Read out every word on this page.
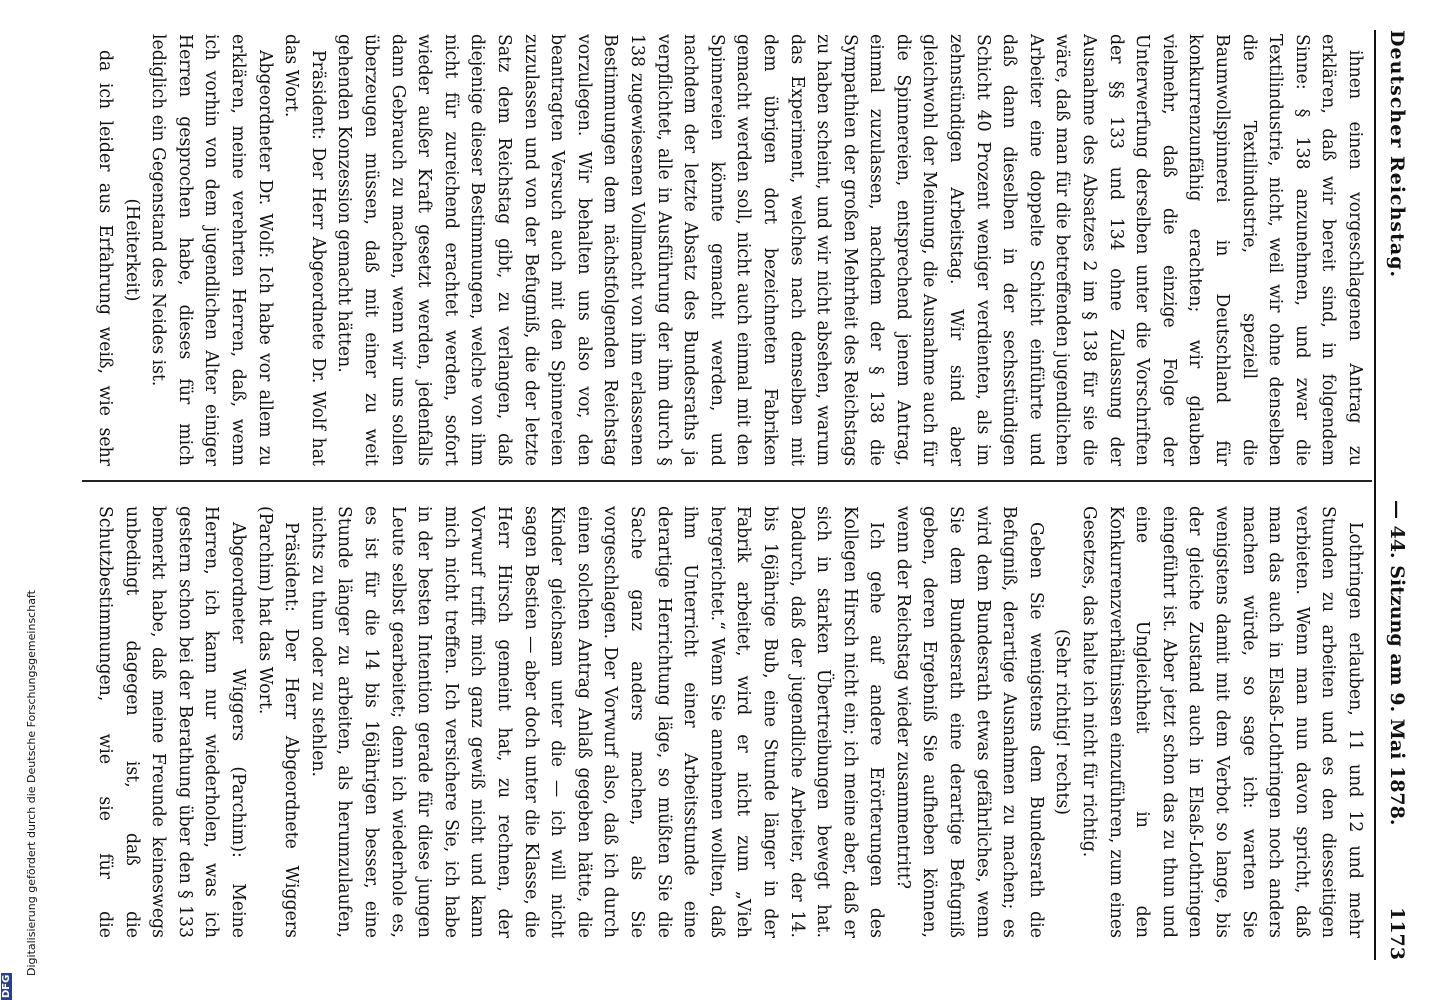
Deutscher Reichstag.
— 44. Sitzung am 9. Mai 1878.
1173

ihnen einen vorgeschlagenen Antrag zu erklären, daß wir bereit sind, in folgendem Sinne: § 138 anzunehmen, und zwar die Textilindustrie, nicht, weil wir ohne denselben die Textilindustrie, speziell die Baumwollspinnerei in Deutschland für konkurrenzunfähig erachten; wir glauben vielmehr, daß die einzige Folge der Unterwerfung derselben unter die Vorschriften der §§ 133 und 134 ohne Zulassung der Ausnahme des Absatzes 2 im § 138 für sie die wäre, daß man für die betreffenden jugendlichen Arbeiter eine doppelte Schicht einführte und daß dann dieselben in der sechsstündigen Schicht 40 Prozent weniger verdienten, als im zehnstündigen Arbeitstag. Wir sind aber gleichwohl der Meinung, die Ausnahme auch für die Spinnereien, entsprechend jenem Antrag, einmal zuzulassen, nachdem der § 138 die Sympathien der großen Mehrheit des Reichstags zu haben scheint, und wir nicht absehen, warum das Experiment, welches nach demselben mit dem übrigen dort bezeichneten Fabriken gemacht werden soll, nicht auch einmal mit den Spinnereien könnte gemacht werden, und nachdem der letzte Absatz des Bundesraths ja verpflichtet, alle in Ausführung der ihm durch § 138 zugewiesenen Vollmacht von ihm erlassenen Bestimmungen dem nächstfolgenden Reichstag vorzulegen. Wir behalten uns also vor, den beantragten Versuch auch mit den Spinnereien zuzulassen und von der Befugniß, die der letzte Satz dem Reichstag gibt, zu verlangen, daß diejenige dieser Bestimmungen, welche von ihm nicht für zureichend erachtet werden, sofort wieder außer Kraft gesetzt werden, jedenfalls dann Gebrauch zu machen, wenn wir uns sollen überzeugen müssen, daß mit einer zu weit gehenden Konzession gemacht hätten.

Präsident: Der Herr Abgeordnete Dr. Wolf hat das Wort.

Abgeordneter Dr. Wolf: Ich habe vor allem zu erklären, meine verehrten Herren, daß, wenn ich vorhin von dem jugendlichen Alter einiger Herren gesprochen habe, dieses für mich lediglich ein Gegenstand des Neides ist.

(Heiterkeit)

da ich leider aus Erfahrung weiß, wie sehr

Lothringen erlauben, 11 und 12 und mehr Stunden zu arbeiten und es den diesseitigen verbieten. Wenn man nun davon spricht, daß man das auch in Elsaß-Lothringen noch anders machen würde, so sage ich: warten Sie wenigstens damit mit dem Verbot so lange, bis der gleiche Zustand auch in Elsaß-Lothringen eingeführt ist. Aber jetzt schon das zu thun und eine Ungleichheit in den Konkurrenzverhältnissen einzuführen, zum eines Gesetzes, das halte ich nicht für richtig.

(Sehr richtig! rechts)

Geben Sie wenigstens dem Bundesrath die Befugniß, derartige Ausnahmen zu machen; es wird dem Bundesrath etwas gefährliches, wenn Sie dem Bundesrath eine derartige Befugniß geben, deren Ergebniß Sie aufheben können, wenn der Reichstag wieder zusammentritt?

Ich gehe auf andere Erörterungen des Kollegen Hirsch nicht ein; ich meine aber, daß er sich in starken Übertreibungen bewegt hat. Dadurch, daß der jugendliche Arbeiter, der 14. bis 16jährige Bub, eine Stunde länger in der Fabrik arbeitet, wird er nicht zum „Vieh hergerichtet.“ Wenn Sie annehmen wollten, daß ihm Unterricht einer Arbeitsstunde eine derartige Herrichtung läge, so müßten Sie die Sache ganz anders machen, als Sie vorgeschlagen. Der Vorwurf also, daß ich durch einen solchen Antrag Anlaß gegeben hätte, die Kinder gleichsam unter die — ich will nicht sagen Bestien — aber doch unter die Klasse, die Herr Hirsch gemeint hat, zu rechnen, der Vorwurf trifft mich ganz gewiß nicht und kann mich nicht treffen. Ich versichere Sie, ich habe in der besten Intention gerade für diese jungen Leute selbst gearbeitet; denn ich wiederhole es, es ist für die 14 bis 16jährigen besser, eine Stunde länger zu arbeiten, als herumzulaufen, nichts zu thun oder zu stehlen.

Präsident: Der Herr Abgeordnete Wiggers (Parchim) hat das Wort.

Abgeordneter Wiggers (Parchim): Meine Herren, ich kann nur wiederholen, was ich gestern schon bei der Berathung über den § 133 bemerkt habe, daß meine Freunde keineswegs unbedingt dagegen ist, daß die Schutzbestimmungen, wie sie für die

DFG
Digitalisierung gefördert durch die Deutsche Forschungsgemeinschaft
